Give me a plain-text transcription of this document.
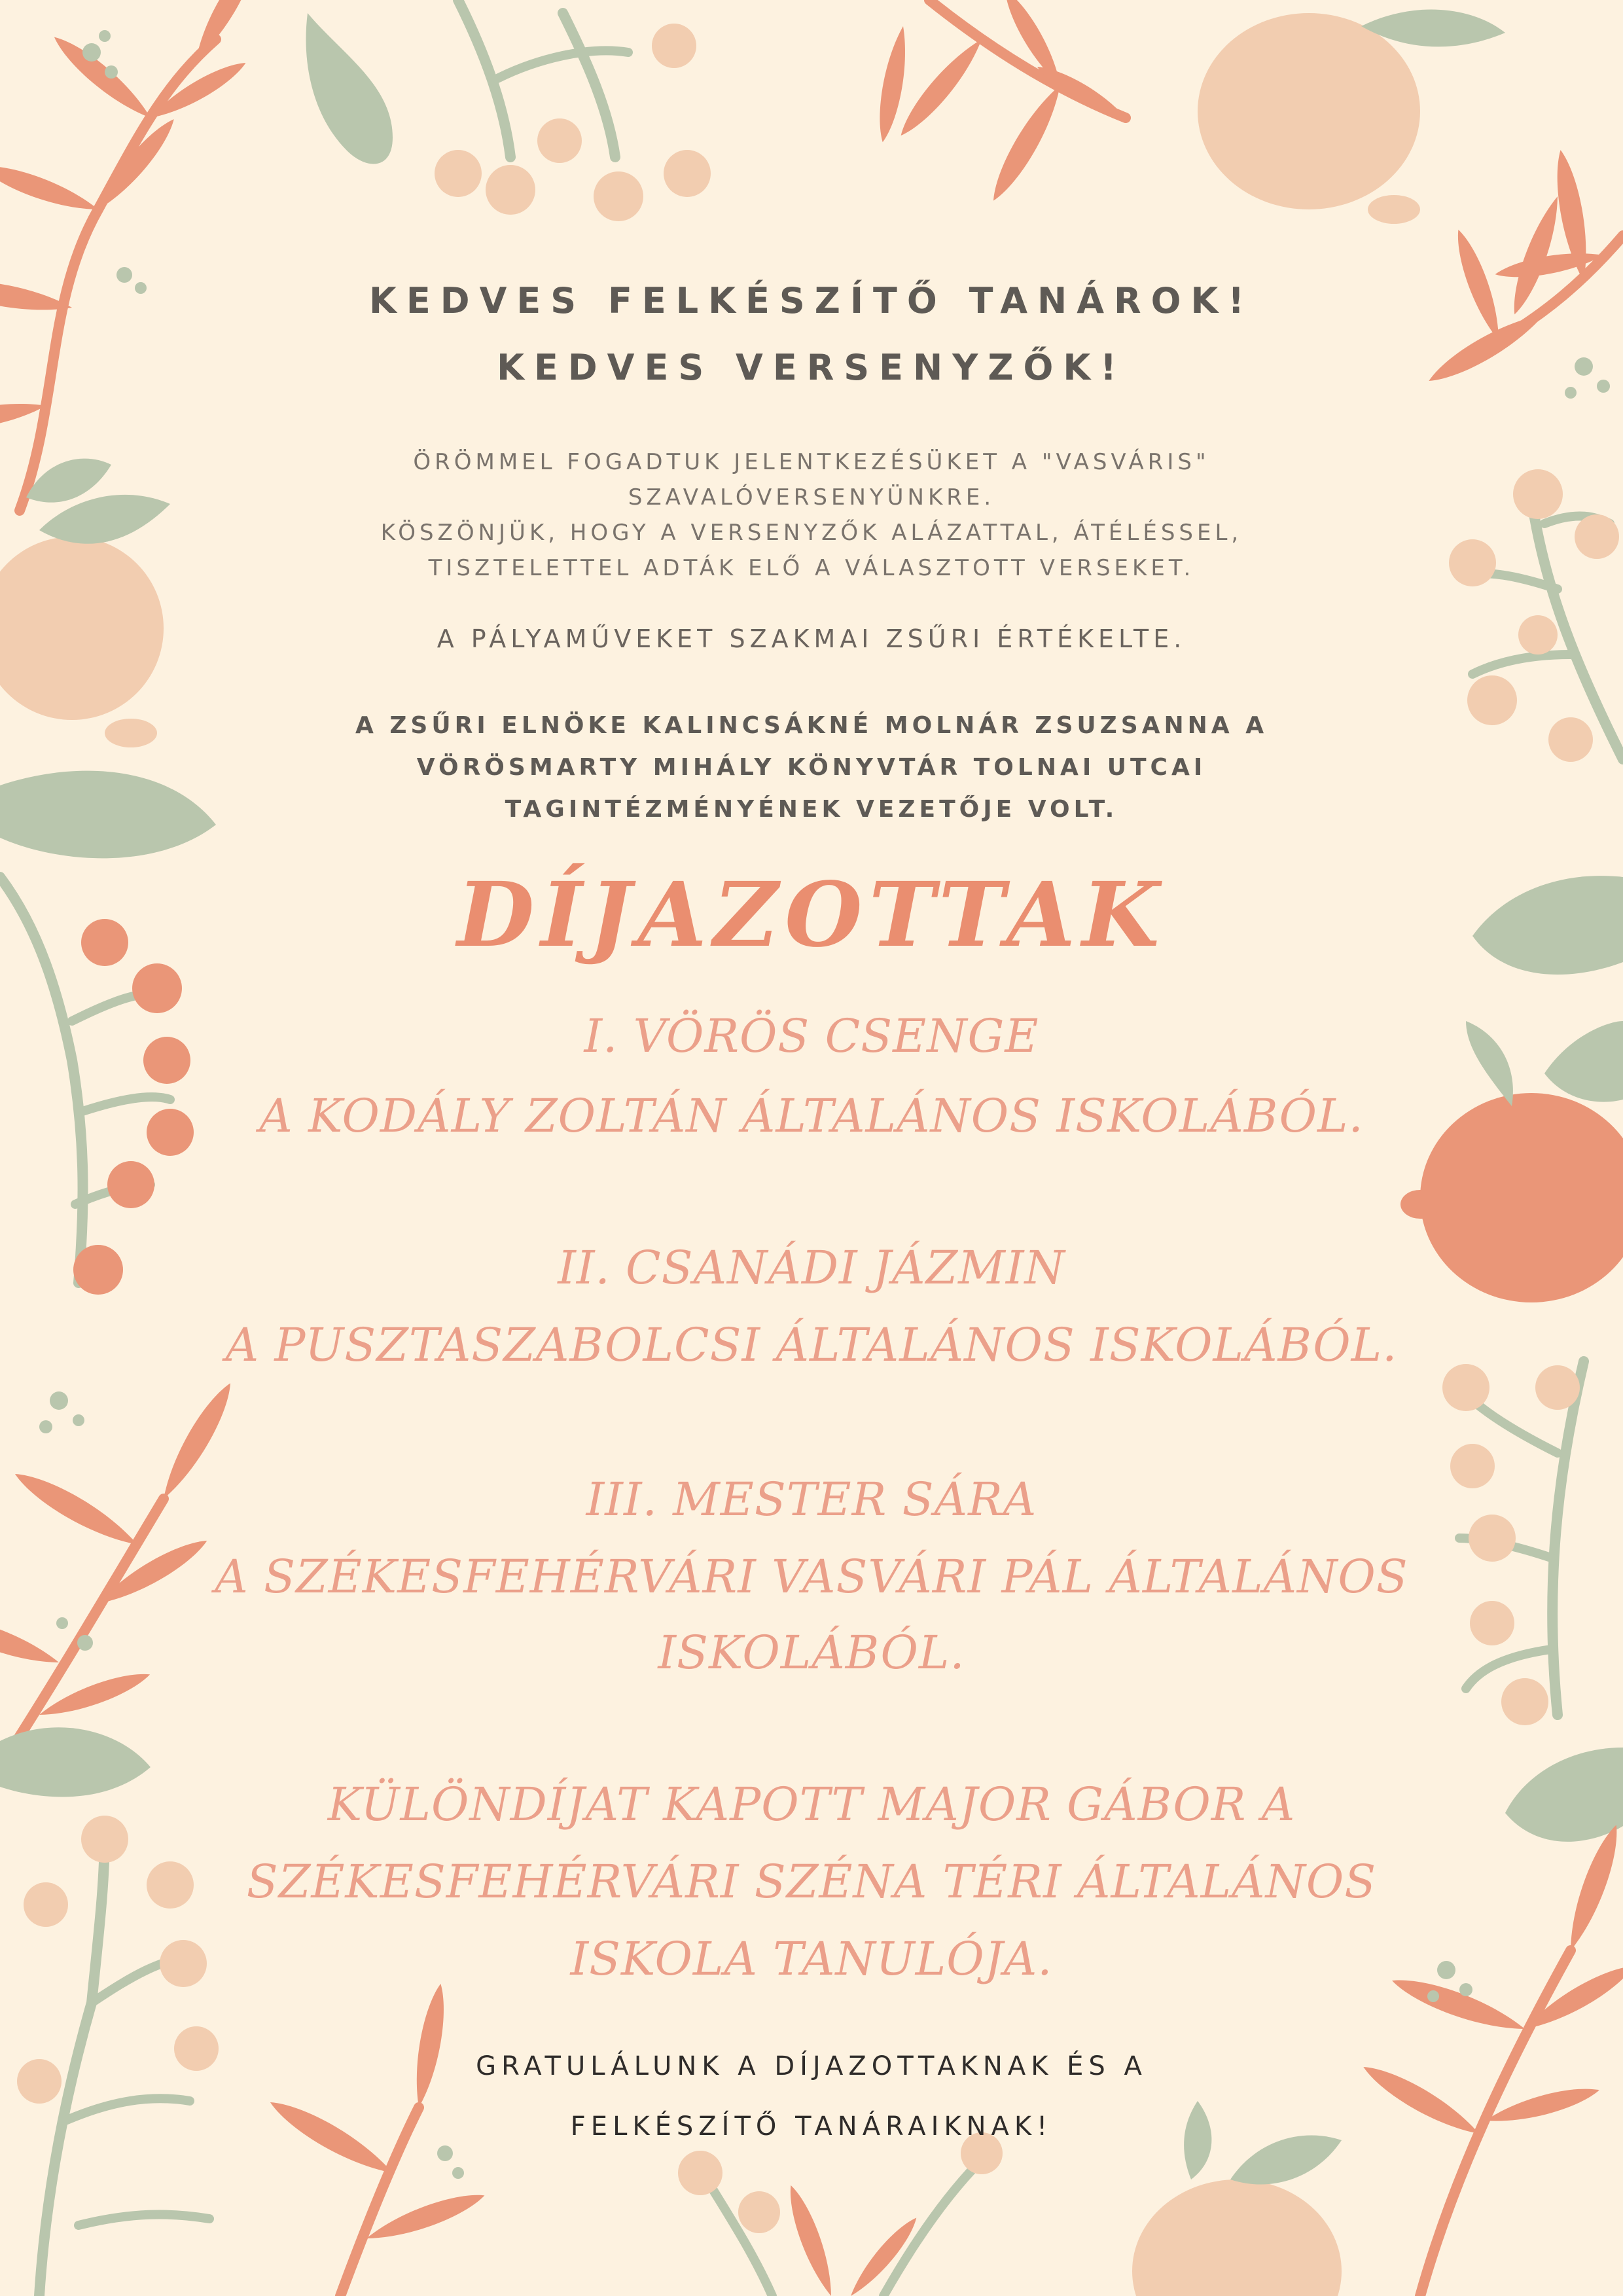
KEDVES FELKÉSZÍTŐ TANÁROK!
KEDVES VERSENYZŐK!
ÖRÖMMEL FOGADTUK JELENTKEZÉSÜKET A "VASVÁRIS"
SZAVALÓVERSENYÜNKRE.
KÖSZÖNJÜK, HOGY A VERSENYZŐK ALÁZATTAL, ÁTÉLÉSSEL,
TISZTELETTEL ADTÁK ELŐ A VÁLASZTOTT VERSEKET.
A PÁLYAMŰVEKET SZAKMAI ZSŰRI ÉRTÉKELTE.
A ZSŰRI ELNÖKE KALINCSÁKNÉ MOLNÁR ZSUZSANNA A
VÖRÖSMARTY MIHÁLY KÖNYVTÁR TOLNAI UTCAI
TAGINTÉZMÉNYÉNEK VEZETŐJE VOLT.
DÍJAZOTTAK
I. VÖRÖS CSENGE
A KODÁLY ZOLTÁN ÁLTALÁNOS ISKOLÁBÓL.
II. CSANÁDI JÁZMIN
A PUSZTASZABOLCSI ÁLTALÁNOS ISKOLÁBÓL.
III. MESTER SÁRA
A SZÉKESFEHÉRVÁRI VASVÁRI PÁL ÁLTALÁNOS
ISKOLÁBÓL.
KÜLÖNDÍJAT KAPOTT MAJOR GÁBOR A
SZÉKESFEHÉRVÁRI SZÉNA TÉRI ÁLTALÁNOS
ISKOLA TANULÓJA.
GRATULÁLUNK A DÍJAZOTTAKNAK ÉS A
FELKÉSZÍTŐ TANÁRAIKNAK!
